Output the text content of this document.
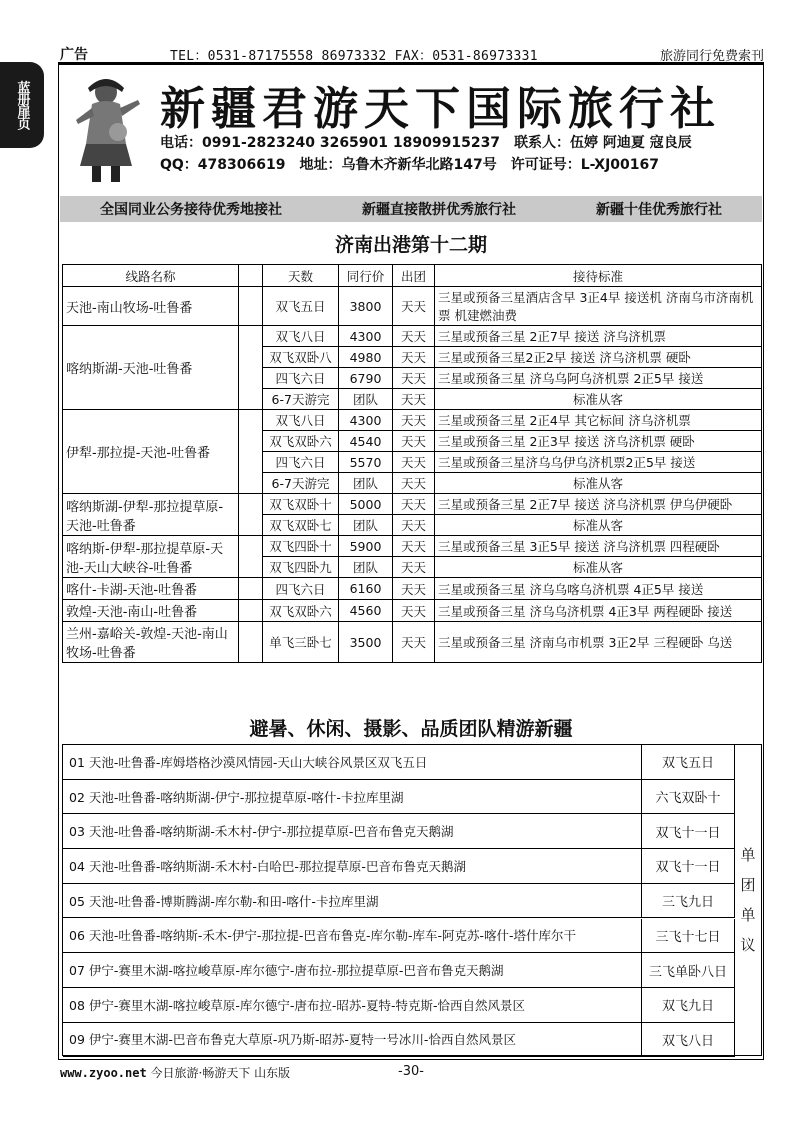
广告	TEL：0531-87175558 86973332 FAX：0531-86973331	旅游同行免费索刊
蓝册扉页	新疆君游天下国际旅行社
电话：0991-2823240 3265901 18909915237 联系人：伍婷 阿迪夏 寇良辰
QQ：478306619 地址：乌鲁木齐新华北路147号 许可证号：L-XJ00167
全国同业公务接待优秀地接社	新疆直接散拼优秀旅行社	新疆十佳优秀旅行社
济南出港第十二期
线路名称		天数	同行价	出团	接待标准
天池-南山牧场-吐鲁番		双飞五日	3800	天天	三星或预备三星酒店含早 3正4早 接送机 济南乌市济南机票 机建燃油费
喀纳斯湖-天池-吐鲁番		双飞八日	4300	天天	三星或预备三星 2正7早 接送 济乌济机票
		双飞双卧八	4980	天天	三星或预备三星2正2早 接送 济乌济机票 硬卧
		四飞六日	6790	天天	三星或预备三星 济乌乌阿乌济机票 2正5早 接送
		6-7天游完	团队	天天	标准从客
伊犁-那拉提-天池-吐鲁番		双飞八日	4300	天天	三星或预备三星 2正4早 其它标间 济乌济机票
		双飞双卧六	4540	天天	三星或预备三星 2正3早 接送 济乌济机票 硬卧
		四飞六日	5570	天天	三星或预备三星济乌乌伊乌济机票2正5早 接送
		6-7天游完	团队	天天	标准从客
喀纳斯湖-伊犁-那拉提草原-天池-吐鲁番		双飞双卧十	5000	天天	三星或预备三星 2正7早 接送 济乌济机票 伊乌伊硬卧
		双飞双卧七	团队	天天	标准从客
喀纳斯-伊犁-那拉提草原-天池-天山大峡谷-吐鲁番		双飞四卧十	5900	天天	三星或预备三星 3正5早 接送 济乌济机票 四程硬卧
		双飞四卧九	团队	天天	标准从客
喀什-卡湖-天池-吐鲁番		四飞六日	6160	天天	三星或预备三星 济乌乌喀乌济机票 4正5早 接送
敦煌-天池-南山-吐鲁番		双飞双卧六	4560	天天	三星或预备三星 济乌乌济机票 4正3早 两程硬卧 接送
兰州-嘉峪关-敦煌-天池-南山牧场-吐鲁番		单飞三卧七	3500	天天	三星或预备三星 济南乌市机票 3正2早 三程硬卧 乌送
避暑、休闲、摄影、品质团队精游新疆
单
团
单
议
01 天池-吐鲁番-库姆塔格沙漠风情园-天山大峡谷风景区双飞五日	双飞五日
02 天池-吐鲁番-喀纳斯湖-伊宁-那拉提草原-喀什-卡拉库里湖	六飞双卧十
03 天池-吐鲁番-喀纳斯湖-禾木村-伊宁-那拉提草原-巴音布鲁克天鹅湖	双飞十一日
04 天池-吐鲁番-喀纳斯湖-禾木村-白哈巴-那拉提草原-巴音布鲁克天鹅湖	双飞十一日
05 天池-吐鲁番-博斯腾湖-库尔勒-和田-喀什-卡拉库里湖	三飞九日
06 天池-吐鲁番-喀纳斯-禾木-伊宁-那拉提-巴音布鲁克-库尔勒-库车-阿克苏-喀什-塔什库尔干	三飞十七日
07 伊宁-赛里木湖-喀拉峻草原-库尔德宁-唐布拉-那拉提草原-巴音布鲁克天鹅湖	三飞单卧八日
08 伊宁-赛里木湖-喀拉峻草原-库尔德宁-唐布拉-昭苏-夏特-特克斯-恰西自然风景区	双飞九日
09 伊宁-赛里木湖-巴音布鲁克大草原-巩乃斯-昭苏-夏特一号冰川-恰西自然风景区	双飞八日
www.zyoo.net 今日旅游·畅游天下 山东版	-30-
